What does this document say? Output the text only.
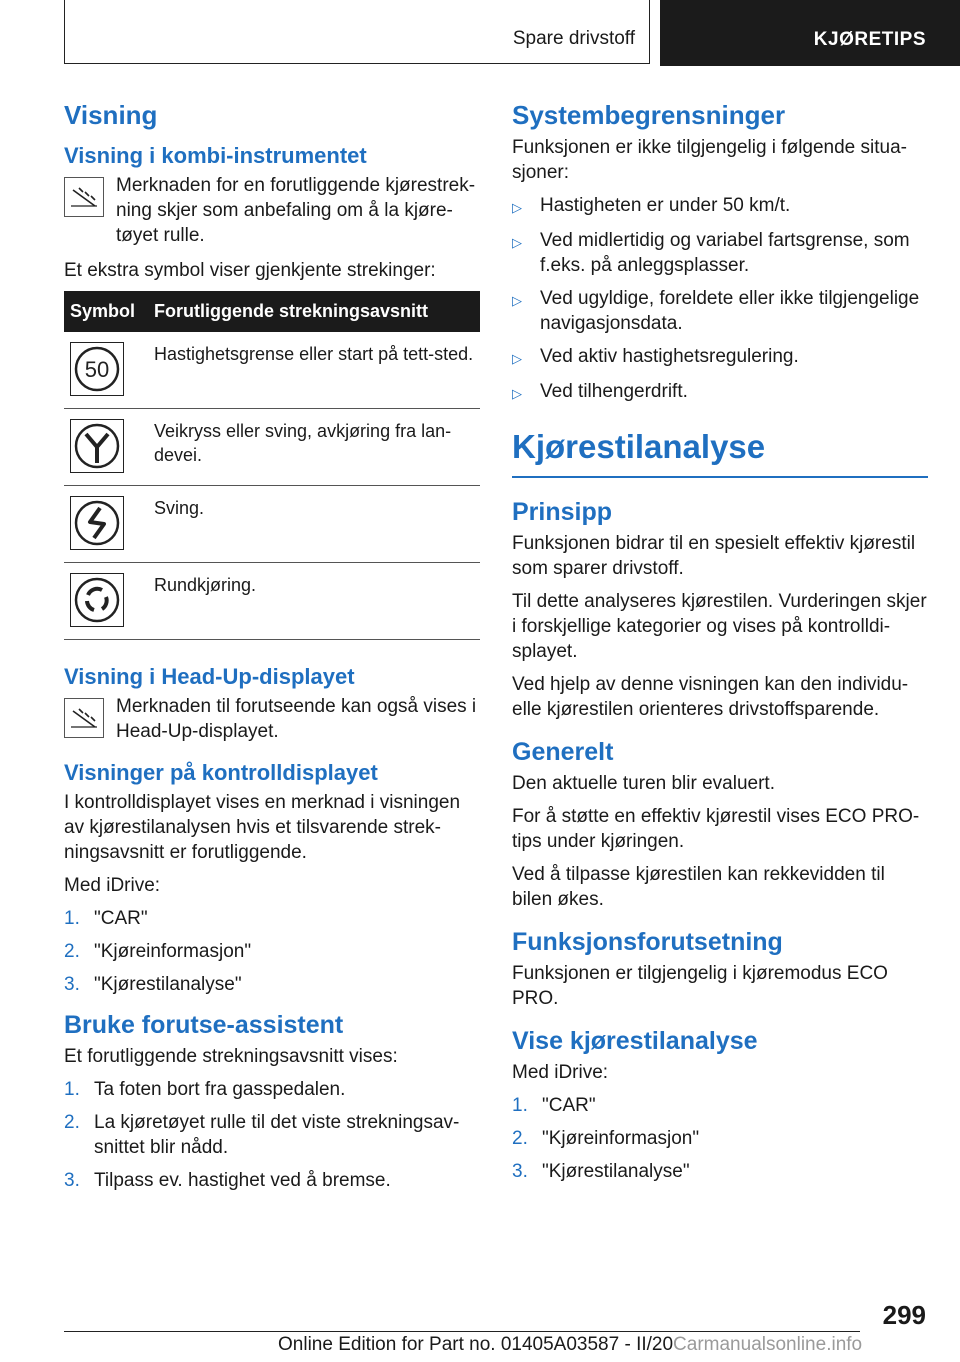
Spare drivstoff	KJØRETIPS
Visning
Visning i kombi-instrumentet
Merknaden for en forutliggende kjørestrek-ning skjer som anbefaling om å la kjøre-tøyet rulle.

Et ekstra symbol viser gjenkjente strekinger:

Symbol	Forutliggende strekningsavsnitt

50	Hastighetsgrense eller start på tett-sted.

	Veikryss eller sving, avkjøring fra lan-devei.

	Sving.

	Rundkjøring.
Visning i Head-Up-displayet
Merknaden til forutseende kan også vises i Head-Up-displayet.
Visninger på kontrolldisplayet

I kontrolldisplayet vises en merknad i visningen av kjørestilanalysen hvis et tilsvarende strek-ningsavsnitt er forutliggende.

Med iDrive:

1. "CAR"
2. "Kjøreinformasjon"
3. "Kjørestilanalyse"
Bruke forutse-assistent

Et forutliggende strekningsavsnitt vises:

1. Ta foten bort fra gasspedalen.
2. La kjøretøyet rulle til det viste strekningsav-snittet blir nådd.
3. Tilpass ev. hastighet ved å bremse.
Systembegrensninger

Funksjonen er ikke tilgjengelig i følgende situa-sjoner:

▷ Hastigheten er under 50 km/t.
▷ Ved midlertidig og variabel fartsgrense, som f.eks. på anleggsplasser.
▷ Ved ugyldige, foreldete eller ikke tilgjengelige navigasjonsdata.
▷ Ved aktiv hastighetsregulering.
▷ Ved tilhengerdrift.
Kjørestilanalyse
Prinsipp

Funksjonen bidrar til en spesielt effektiv kjørestil som sparer drivstoff.

Til dette analyseres kjørestilen. Vurderingen skjer i forskjellige kategorier og vises på kontrolldi-splayet.

Ved hjelp av denne visningen kan den individu-elle kjørestilen orienteres drivstoffsparende.

Generelt

Den aktuelle turen blir evaluert.

For å støtte en effektiv kjørestil vises ECO PRO-tips under kjøringen.

Ved å tilpasse kjørestilen kan rekkevidden til bilen økes.

Funksjonsforutsetning

Funksjonen er tilgjengelig i kjøremodus ECO PRO.

Vise kjørestilanalyse

Med iDrive:

1. "CAR"
2. "Kjøreinformasjon"
3. "Kjørestilanalyse"
299
Online Edition for Part no. 01405A03587 - II/20Carmanualsonline.info
